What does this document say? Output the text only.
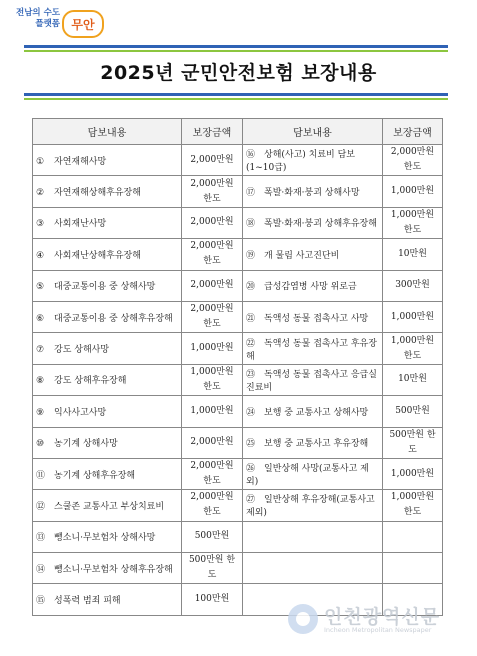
전남의 수도 플랫폼 무안
2025년 군민안전보험 보장내용
담보내용	보장금액	담보내용	보장금액
① 자연재해사망	2,000만원	⑯ 상해(사고) 치료비 담보(1~10급)	2,000만원 한도
② 자연재해상해후유장해	2,000만원 한도	⑰ 폭발·화재·붕괴 상해사망	1,000만원
③ 사회재난사망	2,000만원	⑱ 폭발·화재·붕괴 상해후유장해	1,000만원 한도
④ 사회재난상해후유장해	2,000만원 한도	⑲ 개 물림 사고진단비	10만원
⑤ 대중교통이용 중 상해사망	2,000만원	⑳ 급성감염병 사망 위로금	300만원
⑥ 대중교통이용 중 상해후유장해	2,000만원 한도	㉑ 독액성 동물 접촉사고 사망	1,000만원
⑦ 강도 상해사망	1,000만원	㉒ 독액성 동물 접촉사고 후유장해	1,000만원 한도
⑧ 강도 상해후유장해	1,000만원 한도	㉓ 독액성 동물 접촉사고 응급실 진료비	10만원
⑨ 익사사고사망	1,000만원	㉔ 보행 중 교통사고 상해사망	500만원
⑩ 농기계 상해사망	2,000만원	㉕ 보행 중 교통사고 후유장해	500만원 한도
⑪ 농기계 상해후유장해	2,000만원 한도	㉖ 일반상해 사망(교통사고 제외)	1,000만원
⑫ 스쿨존 교통사고 부상치료비	2,000만원 한도	㉗ 일반상해 후유장해(교통사고 제외)	1,000만원 한도
⑬ 뺑소니·무보험차 상해사망	500만원		
⑭ 뺑소니·무보험차 상해후유장해	500만원 한도		
⑮ 성폭력 범죄 피해	100만원		
인천광역신문
Incheon Metropolitan Newspaper
